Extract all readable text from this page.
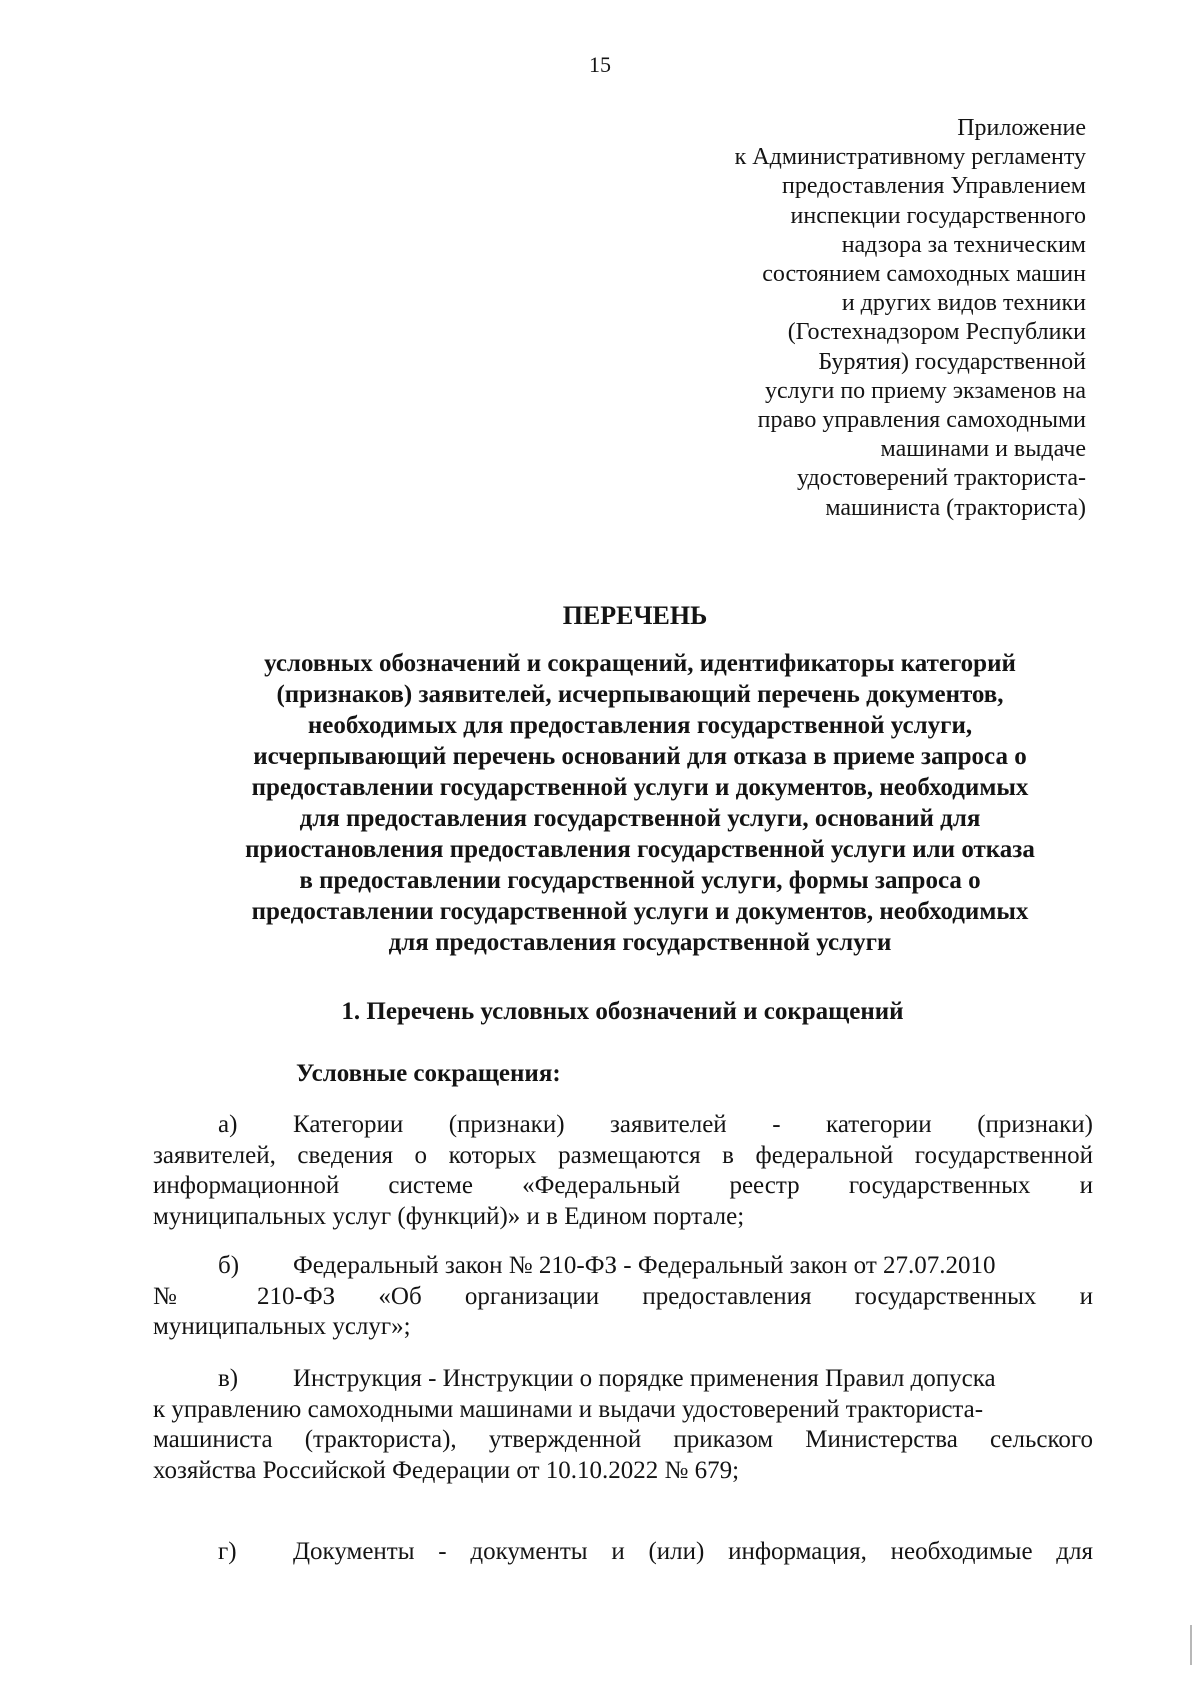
15
Приложение
к Административному регламенту
предоставления Управлением
инспекции государственного
надзора за техническим
состоянием самоходных машин
и других видов техники
(Гостехнадзором Республики
Бурятия) государственной
услуги по приему экзаменов на
право управления самоходными
машинами и выдаче
удостоверений тракториста-
машиниста (тракториста)
ПЕРЕЧЕНЬ
условных обозначений и сокращений, идентификаторы категорий
(признаков) заявителей, исчерпывающий перечень документов,
необходимых для предоставления государственной услуги,
исчерпывающий перечень оснований для отказа в приеме запроса о
предоставлении государственной услуги и документов, необходимых
для предоставления государственной услуги, оснований для
приостановления предоставления государственной услуги или отказа
в предоставлении государственной услуги, формы запроса о
предоставлении государственной услуги и документов, необходимых
для предоставления государственной услуги
1. Перечень условных обозначений и сокращений
Условные сокращения:
а) Категории (признаки) заявителей - категории (признаки)
заявителей, сведения о которых размещаются в федеральной государственной
информационной системе «Федеральный реестр государственных и
муниципальных услуг (функций)» и в Едином портале;
б) Федеральный закон № 210-ФЗ - Федеральный закон от 27.07.2010
№ 210-ФЗ «Об организации предоставления государственных и
муниципальных услуг»;
в) Инструкция - Инструкции о порядке применения Правил допуска
к управлению самоходными машинами и выдачи удостоверений тракториста-
машиниста (тракториста), утвержденной приказом Министерства сельского
хозяйства Российской Федерации от 10.10.2022 № 679;
г) Документы - документы и (или) информация, необходимые для
